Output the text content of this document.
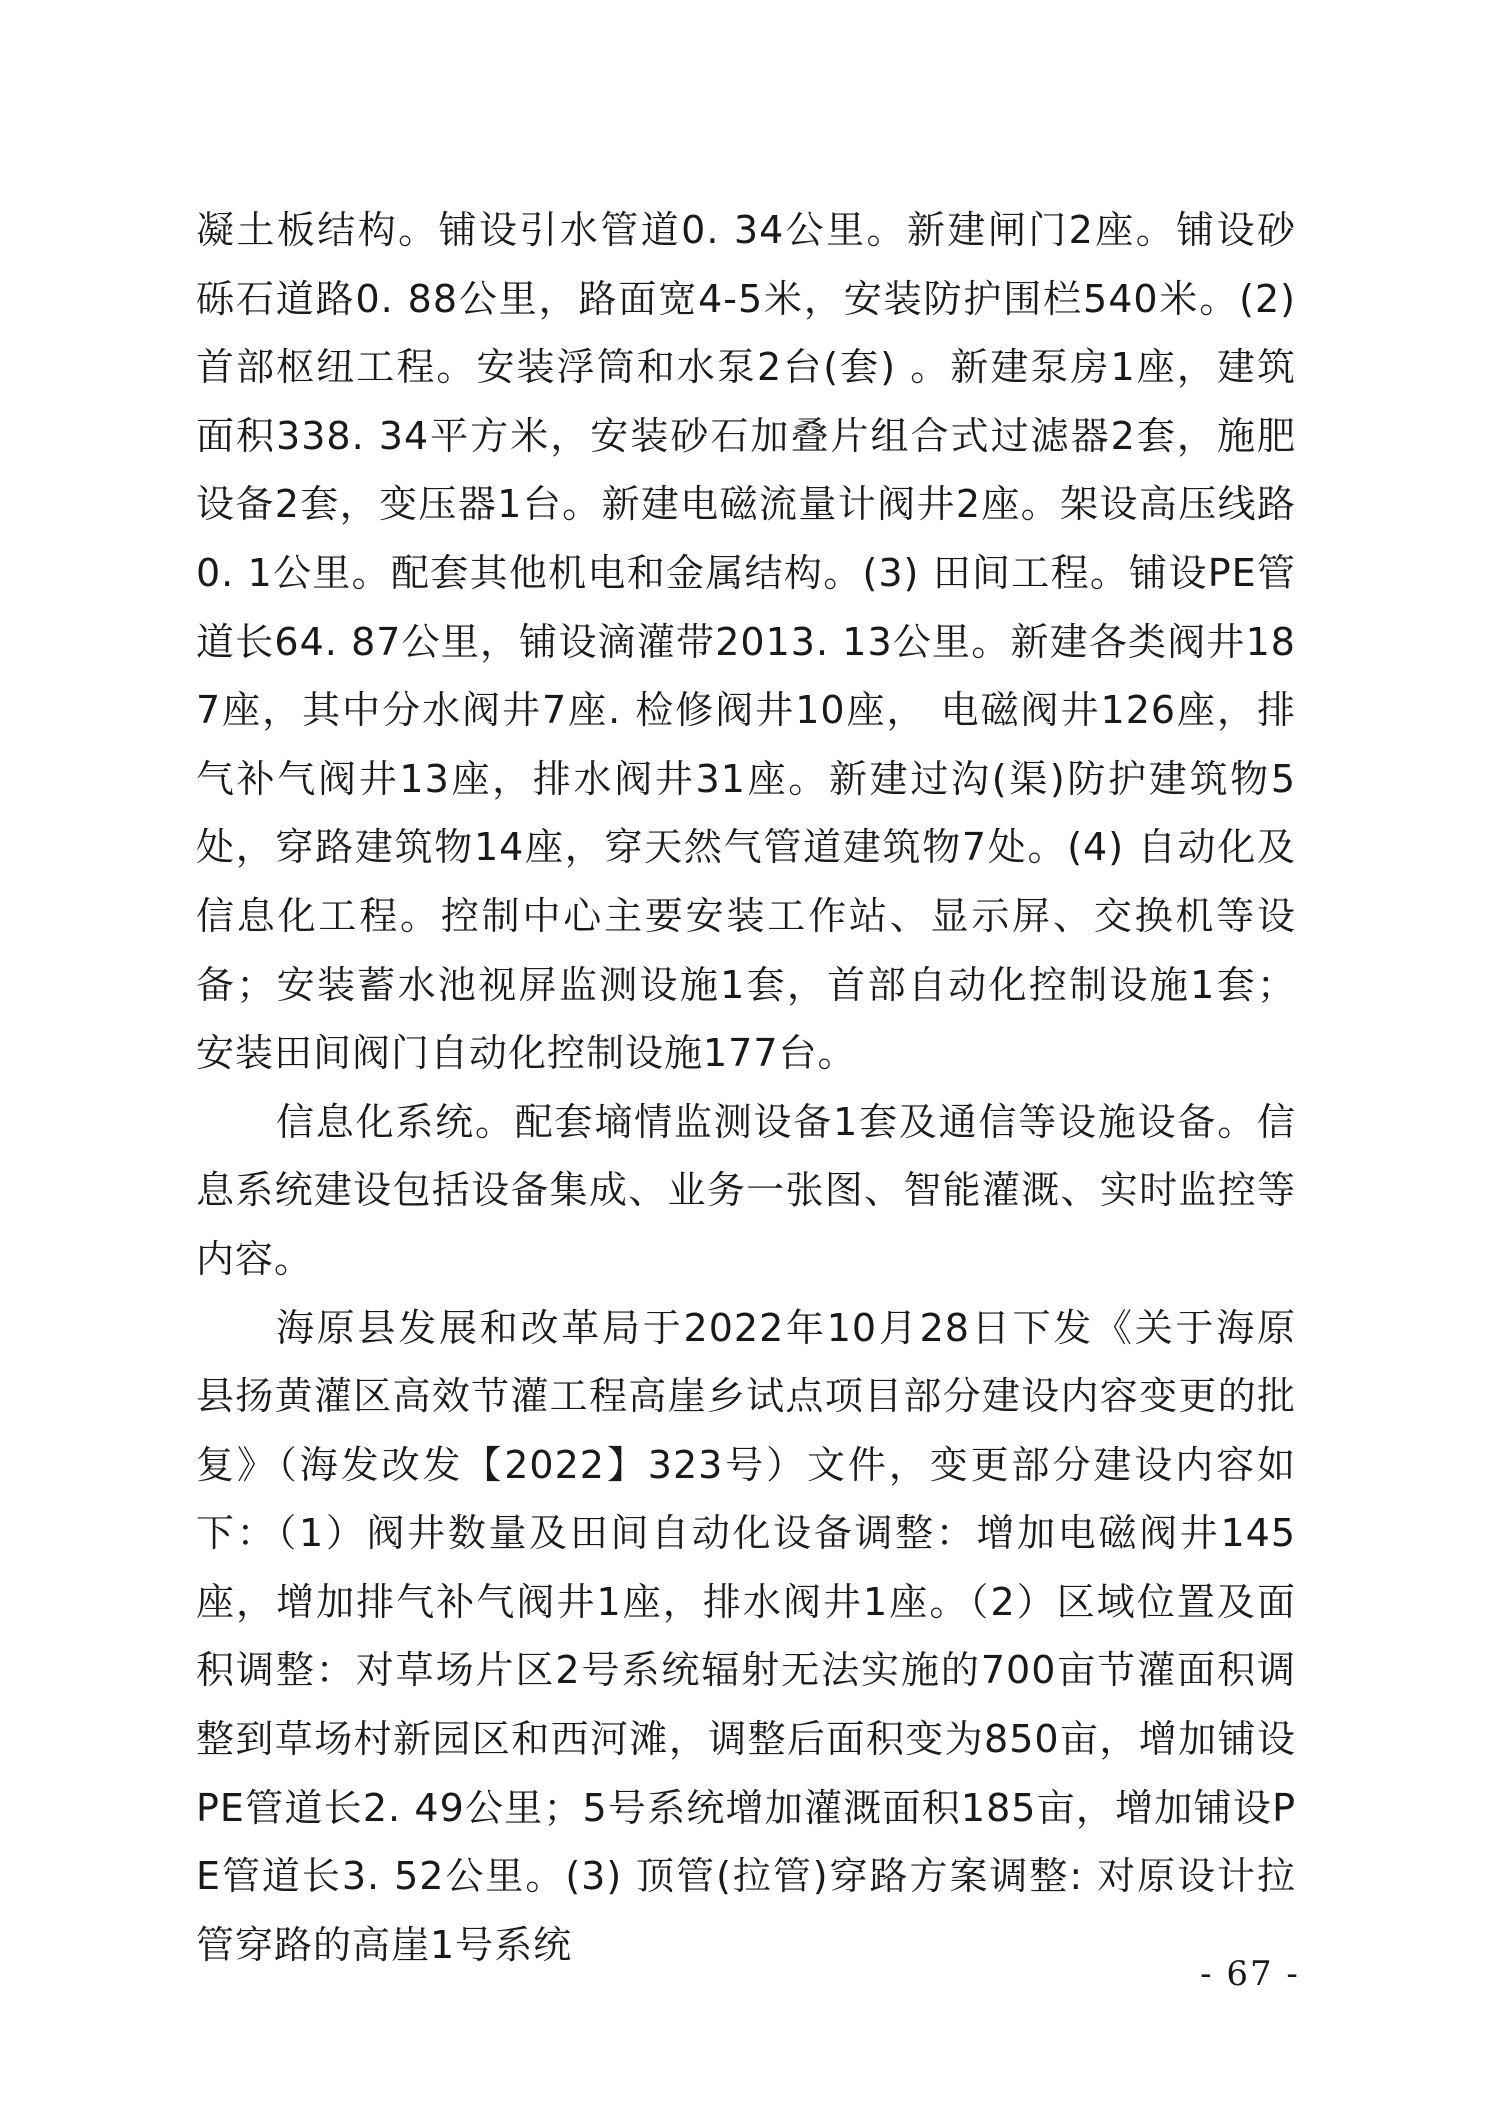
凝土板结构。铺设引水管道0. 34公里。新建闸门2座。铺设砂砾石道路0. 88公里，路面宽4-5米，安装防护围栏540米。(2) 首部枢纽工程。安装浮筒和水泵2台(套) 。新建泵房1座，建筑面积338. 34平方米，安装砂石加叠片组合式过滤器2套，施肥设备2套，变压器1台。新建电磁流量计阀井2座。架设高压线路0. 1公里。配套其他机电和金属结构。(3) 田间工程。铺设PE管道长64. 87公里，铺设滴灌带2013. 13公里。新建各类阀井187座，其中分水阀井7座. 检修阀井10座， 电磁阀井126座，排气补气阀井13座，排水阀井31座。新建过沟(渠)防护建筑物5处，穿路建筑物14座，穿天然气管道建筑物7处。(4) 自动化及信息化工程。控制中心主要安装工作站、显示屏、交换机等设备；安装蓄水池视屏监测设施1套，首部自动化控制设施1套；安装田间阀门自动化控制设施177台。

信息化系统。配套墒情监测设备1套及通信等设施设备。信息系统建设包括设备集成、业务一张图、智能灌溉、实时监控等内容。

海原县发展和改革局于2022年10月28日下发《关于海原县扬黄灌区高效节灌工程高崖乡试点项目部分建设内容变更的批复》（海发改发【2022】323号）文件，变更部分建设内容如下：（1）阀井数量及田间自动化设备调整：增加电磁阀井145座，增加排气补气阀井1座，排水阀井1座。（2）区域位置及面积调整：对草场片区2号系统辐射无法实施的700亩节灌面积调整到草场村新园区和西河滩，调整后面积变为850亩，增加铺设PE管道长2. 49公里；5号系统增加灌溉面积185亩，增加铺设PE管道长3. 52公里。(3) 顶管(拉管)穿路方案调整: 对原设计拉管穿路的高崖1号系统

- 67 -
